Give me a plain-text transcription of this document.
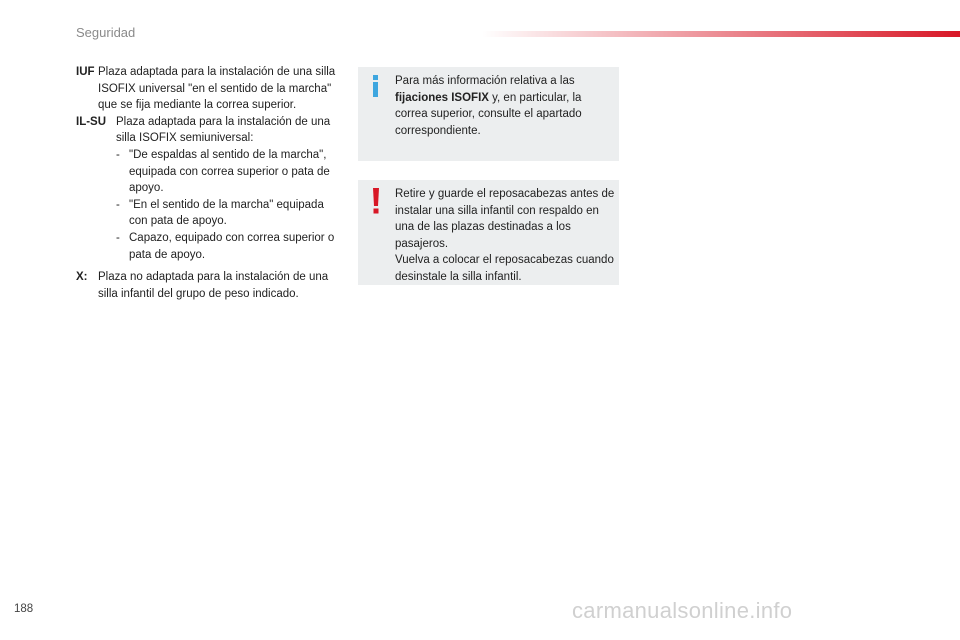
Seguridad
IUF Plaza adaptada para la instalación de una silla ISOFIX universal "en el sentido de la marcha" que se fija mediante la correa superior.
IL-SU Plaza adaptada para la instalación de una silla ISOFIX semiuniversal:
- "De espaldas al sentido de la marcha", equipada con correa superior o pata de apoyo.
- "En el sentido de la marcha" equipada con pata de apoyo.
- Capazo, equipado con correa superior o pata de apoyo.
X: Plaza no adaptada para la instalación de una silla infantil del grupo de peso indicado.
Para más información relativa a las fijaciones ISOFIX y, en particular, la correa superior, consulte el apartado correspondiente.

Retire y guarde el reposacabezas antes de instalar una silla infantil con respaldo en una de las plazas destinadas a los pasajeros.

Vuelva a colocar el reposacabezas cuando desinstale la silla infantil.

188	carmanualsonline.info
